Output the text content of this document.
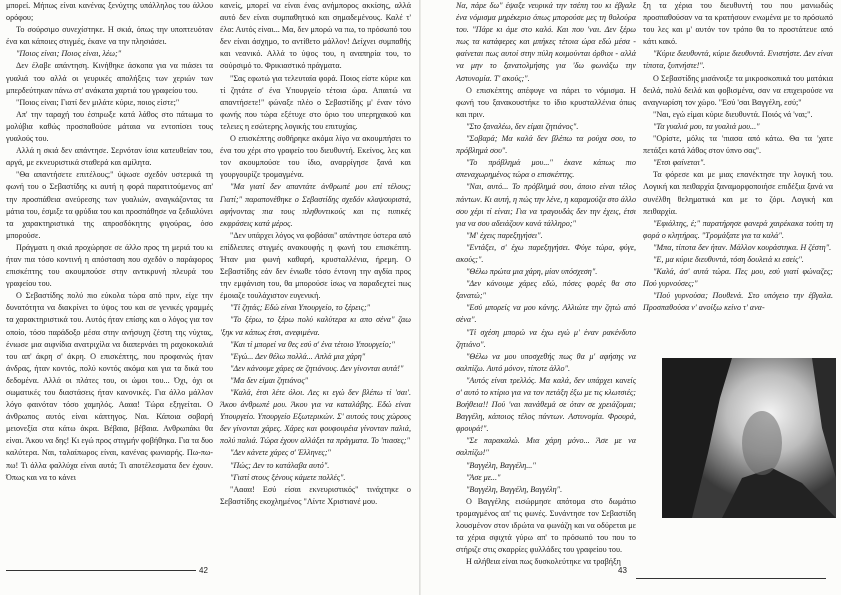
μπορεί. Μήπως είναι κανένας ξενύχτης υπάλληλος του άλλου ορόφου;

Το σούρσιμο συνεχίστηκε. Η σκιά, όπως την υποπτευόταν ένα και κάποιες στιγμές, έκανε να την πλησιάσει.

"Ποιος είναι; Ποιος είναι, λέω;"

Δεν έλαβε απάντηση. Κινήθηκε άσκοπα για να πιάσει τα γυαλιά του αλλά οι γευρικές απολήξεις των χεριών των μπερδεύτηκαν πάνω στ' ανάκατα χαρτιά του γραφείου του.

"Ποιος είναι; Γιατί δεν μιλάτε κύριε, ποιος είστε;"

Απ' την ταραχή του έσπρωξε κατά λάθος στο πάτωμα το μολύβια καθώς προσπαθούσε μάταια να εντοπίσει τους γυαλούς του.

Αλλά η σκιά δεν απάντησε. Σερνόταν ίσια κατευθείαν του, αργά, με εκνευριστικά σταθερά και αμίλητα.

"Θα απαντήσετε επιτέλους;" ύψωσε σχεδόν υστερικά τη φωνή του ο Σεβαστίδης κι αυτή η φορά παρατιτούμενος απ' την προσπάθεια ανεύρεσης των γυαλιών, αναγκάζοντας τα μάτια του, έσμιξε τα φρύδια του και προσπάθησε να ξεδιαλύνει τα χαρακτηριστικά της απροσδόκητης φιγούρας, όσο μπορούσε.

Πράγματι η σκιά προχώρησε σε άλλο προς τη μεριά του κι ήταν πια τόσο κοντινή η απόσταση που σχεδόν ο παράφορος επισκέπτης του ακουμπούσε στην αντικρυνή πλευρά του γραφείου του.

Ο Σεβαστίδης πολύ πιο εύκολα τώρα από πριν, είχε την δυνατότητα να διακρίνει το ύψος του και σε γενικές γραμμές τα χαρακτηριστικά του. Αυτός ήταν επίσης και ο λόγος για τον οποίο, τόσο παράδοξο μέσα στην ανήσυχη ζέστη της νύχτας, ένιωσε μια αιφνίδια ανατριχίλα να διαπερνάει τη ραχοκοκαλιά του απ' άκρη σ' άκρη. Ο επισκέπτης, που προφανώς ήταν άνδρας, ήταν κοντός, πολύ κοντός ακόμα και για τα δικά του δεδομένα. Αλλά οι πλάτες του, οι ώμοι του... Όχι, όχι οι σωματικές του διαστάσεις ήταν κανονικές. Για άλλο μάλλον λόγο φαινόταν τόσο χαμηλός. Αααα! Τώρα εξηγείται. Ο άνθρωπος αυτός είναι κάπτηγος. Ναι. Κάποια σοβαρή μειονεξία στα κάτω άκρα. Βέβαια, βέβαια. Ανθρωπάκι θα είναι. Άκου να δης! Κι εγώ προς στιγμήν φοβήθηκα. Για τα δυο καλύτερα. Ναι, ταλαίπωρος είναι, κανένας φωνιαρής. Πω-πω-πω! Τι άλλα φαλλύχα είναι αυτά; Τι αποτέλεσματα δεν έχουν. Όπως και να το κάνει

κανείς, μπορεί να είναι ένας ανήμπορος ακκίσης, αλλά αυτό δεν είναι συμπαθητικό και σημαδεμένους. Καλέ τ' έλα: Αυτός είναι... Μα, δεν μπορώ να πω, το πρόσωπό του δεν είναι άσχημο, το αντίθετο μάλλον! Δείχνει συμπαθής και νεανικό. Αλλά το ύψος του, η αναπηρία του, το σούρσιμό το. Φρικιαστικό πράγματα.

"Σας εφωτώ για τελευταία φορά. Ποιος είστε κύριε και τί ζητάτε σ' ένα Υπουργείο τέτοια ώρα. Απαιτώ να απαντήσετε!" φώναξε πλέο ο Σεβαστίδης μ' έναν τόνο φωνής που τώρα εξέτυχε στο όριο του υπερηχακού και τελειες η εσώτερης λογικής του επιτυχίας.

Ο επισκέπτης σοθήρηκε ακόμα λίγο να ακουμπήσει το ένα του χέρι στο γραφείο του διευθυντή. Εκείνος, λες και τον ακουμπούσε του ίδιο, αναρρίγησε ξανά και γουργουρίζε τρομαγμένα.

"Μα γιατί δεν απαντάτε άνθρωπέ μου επί τέλους; Γιατί;" παραπονέθηκε ο Σεβαστίδης σχεδόν κλαψουριστά, αφήνοντας πια τους πληθυντικούς και τις τυπικές εκφράσεις κατά μέρος.

"Δεν υπάρχει λόγος να φοβάσαι" απάντησε ύστερα από επίδλειπες στιγμές ανακουφής η φωνή του επισκέπτη. Ήταν μια φωνή καθαρή, κρυσταλλένια, ήρεμη. Ο Σεβαστίδης εάν δεν ένιωθε τόσο έντονη την αγδία προς την εμφάνιση του, θα μπορούσε ίσως να παραδεχτεί πως έμοιαζε τουλάχιστον ευγενική.

"Τί ζητάς; Εδώ είναι Υπουργείο, το ξέρεις;"

"Το ξέρω, το ξέρω πολύ καλύτερα κι απο σένα" ζαω 'ξηκ να κάπως έτσι, ανεφιμένα.

"Και τί μπορεί να θες εσύ σ' ένα τέτοιο Υπουργείο;"

"Εγώ... Δεν θέλω πολλά... Απλά μια χάρη"

"Δεν κάνουμε χάρες σε ζητιάνους. Δεν γίνονται αυτά!"

"Μα δεν είμαι ζητιάνος"

"Καλά, έτσι λέτε όλοι. Λες κι εγώ δεν βλέπω τί 'σαι'. Άκου άνθρωπέ μου. Άκου για να καταλάβης. Εδώ είναι Υπουργείο. Υπουργείο Εξωτερικών. Σ' αυτούς τους χώρους δεν γίνονται χάρες. Χάρες και φουφουρέια γίνονταν παλιά, πολύ παλιά. Τώρα έχουν αλλάξει τα πράγματα. Το 'πιασες;"

"Δεν κάνετε χάρες σ' Έλληνες;"

"Πώς; Δεν το κατάλαβα αυτό".

"Γιατί στους ξένους κάμετε πολλές".

"Αααα! Εσύ είσαι εκνευριστικός" τινάχτηκε ο Σεβαστίδης εκοχλημένος "Λίντε Χριστιανέ μου.

42

Να, πάρε δω" έψαξε νευρικά την τσέπη του κι έβγαλε ένα νόμισμα μηρέκεριο όπως μπορούσε μες τη θολούρα του. "Πάρε κι άμε στο καλό. Και που 'ναι. Δεν ξέρω πως τα κατάφερες και μπήκες τέτοια ώρα εδώ μέσα - φαίνεται πως αυτοί στην πύλη κοιμούνται όρθιοι - αλλά να μην το ξανατολμήσης για 'δω φωνάξω την Αστυνομία. Τ' ακούς;".

Ο επισκέπτης απέφυγε να πάρει το νόμισμα. Η φωνή του ξανακουστήκε το ίδιο κρυσταλλένια όπως και πριν.

"Στο ξαναλέω, δεν είμαι ζητιάνος".

"Σοβαρά; Μα καλά δεν βλέπω τα ρούχα σου, το πρόβλημά σου".

"Το πρόβλημά μου..." έκανε κάπως πιο σπεναχωρημένος τώρα ο επισκέπτης.

"Ναι, αυτό... Το πρόβλημά σου, όποιο είναι τέλος πάντων. Κι αυτή, η πώς την λένε, η καραμούζα στο άλλο σου χέρι τί είναι; Για να τραγουδάς δεν την έχεις, έτσι για να σου αδειάζουν κανά τάλληρο;"

"Μ' έχεις παρεξηγήσει".

"Εντάξει, σ' έχω παρεξηγήσει. Φύγε τώρα, φύγε, ακούς;".

"Θέλω πρώτα μια χάρη, μίαν υπόσχεση".

"Δεν κάνουμε χάρες εδώ, πόσες φορές θα στο ξανατώ;"

"Εσύ μπορείς να μου κάνης. Αλλιώτε την ζητώ από σένα".

"Τί σχέση μπορώ να έχω εγώ μ' έναν ρακένδυτο ζητιάνο".

"Θέλω να μου υποσχεθής πως θα μ' αφήσης να σαλπίζω. Αυτό μόνον, τίποτε άλλο".

"Αυτός είναι τρελλός. Μα καλά, δεν υπάρχει κανείς σ' αυτό το κτίριο για να τον πετάξη έξω με τις κλωτσιές; Βοήθεια!! Πού 'ναι πανάθεμά σε όταν σε χρειάζομαι; Βαγγέλη, κάποιος τέλος πάντων. Αστυνομία. Φρουρά, φρουρά!".

"Σε παρακαλώ. Μια χάρη μόνο... Άσε με να σαλπίζω!"

"Βαγγέλη, Βαγγέλη..."

"Άσε με..."

"Βαγγέλη, Βαγγέλη, Βαγγέλη".

Ο Βαγγέλης εισώρμησε απότομα στο δωμάτιο τρομαγμένος απ' τις φωνές. Συνάντησε τον Σεβαστίδη λουσμένον στον ιδρώτα να φωνάζη και να οδύρεται με τα χέρια σφιχτά γύρω απ' το πρόσωπό του που το στήριζε στις σκαρρίες φυλλάδες του γραφείου του.

Η αλήθεια είναι πως δυσκολεύτηκε να τραβήξη

ξη τα χέρια του διευθυντή του που μανιωδώς προσπαθούσαν να τα κρατήσουν ενωμένα με το πρόσωπό του λες και μ' αυτόν τον τρόπο θα το προστάτευε από κάτι κακό.

"Κύριε διευθυντά, κύριε διευθυντά. Ενιστήστε. Δεν είναι τίποτα, ξυπνήστε!".

Ο Σεβαστίδης μισάνοιξε τα μικροσκοπικά του ματάκια δειλά, πολύ δειλά και φοβισμένα, σαν να επιχειρούσε να αναγνωρίση τον χώρο. "Εσύ 'σαι Βαγγέλη, εσύ;"

"Ναι, εγώ είμαι κύριε διευθυντά. Ποιός νά 'ναι;".

"Τα γυαλιά μου, τα γυαλιά μου..."

"Ορίστε, μόλις τα 'πιασα από κάτω. Θα τα 'χατε πετάξει κατά λάθος στον ύπνο σας".

"Ετσι φαίνεται".

Τα φόρεσε και με μιας επανέκτησε την λογική του. Λογική και πειθαρχία ξαναμορφοποιήσε επιδέξια ξανά να συνέλθη θεληματικά και με το ζόρι. Λογική και πειθαρχία.

"Εφιάλτης, έ;" παρατήρησε φανερά χαιρέκακα τούτη τη φορά ο κλητήρας. "Τρομάξατε για τα καλά".

"Μπα, τίποτα δεν ήταν. Μάλλον κουράστηκα. Η ζέστη".

"Ε, μα κύριε διευθυντά, τόση δουλειά κι εσείς".

"Καλά, άσ' αυτά τώρα. Πες μου, εσύ γιατί φώναζες; Πού γυρνούσες;"

"Πού γυρνούσα; Πουθενά. Στο υπόγειο την έβγαλα. Προσπαθούσα ν' ανοίξω κείνο τ' ανα-

43
